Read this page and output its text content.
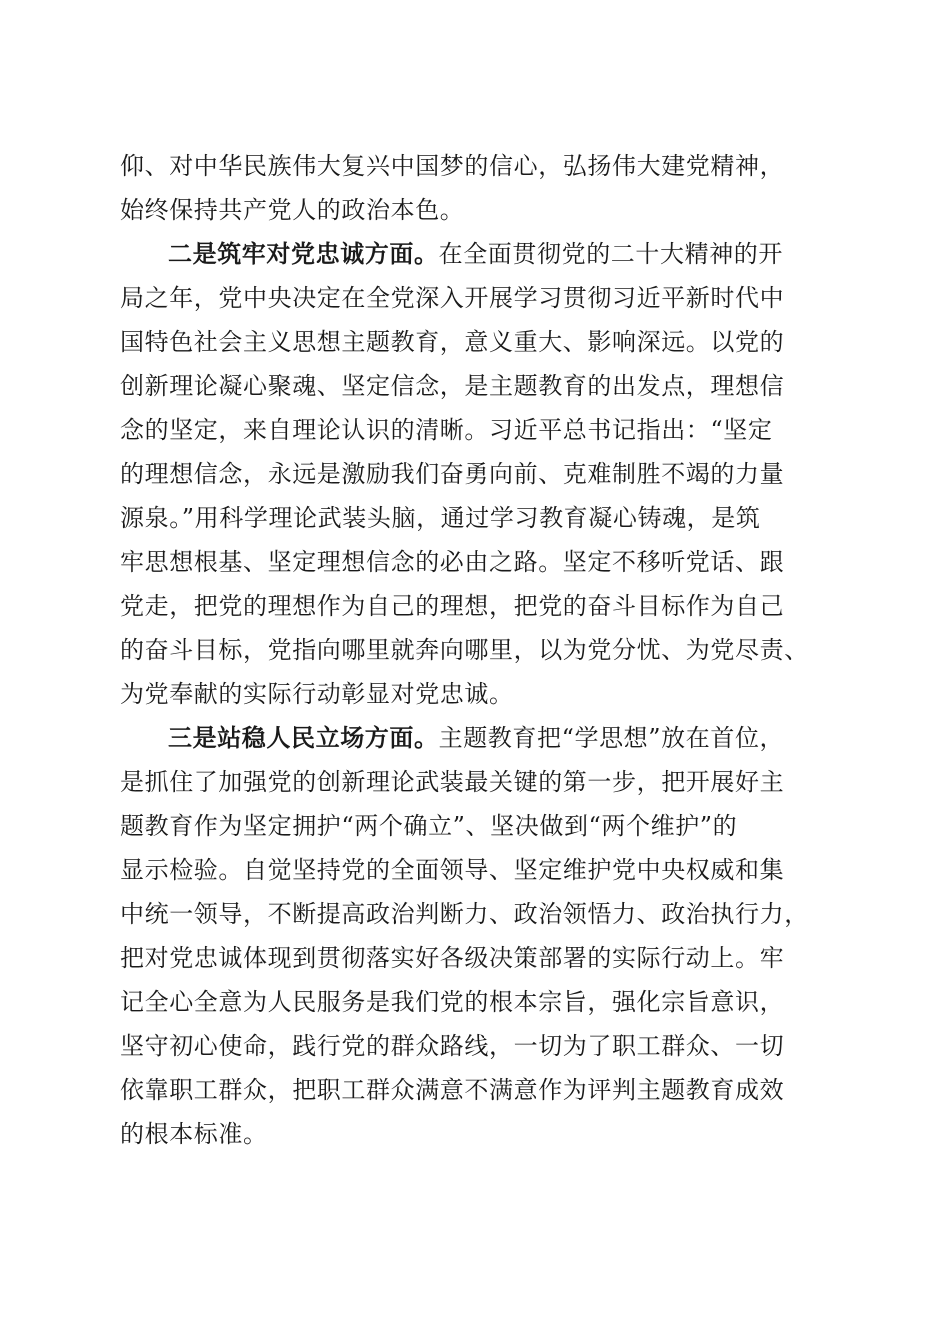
仰、对中华民族伟大复兴中国梦的信心，弘扬伟大建党精神，
始终保持共产党人的政治本色。
二是筑牢对党忠诚方面。在全面贯彻党的二十大精神的开
局之年，党中央决定在全党深入开展学习贯彻习近平新时代中
国特色社会主义思想主题教育，意义重大、影响深远。以党的
创新理论凝心聚魂、坚定信念，是主题教育的出发点，理想信
念的坚定，来自理论认识的清晰。习近平总书记指出：“坚定
的理想信念，永远是激励我们奋勇向前、克难制胜不竭的力量
源泉。”用科学理论武装头脑，通过学习教育凝心铸魂，是筑
牢思想根基、坚定理想信念的必由之路。坚定不移听党话、跟
党走，把党的理想作为自己的理想，把党的奋斗目标作为自己
的奋斗目标，党指向哪里就奔向哪里，以为党分忧、为党尽责、
为党奉献的实际行动彰显对党忠诚。
三是站稳人民立场方面。主题教育把“学思想”放在首位，
是抓住了加强党的创新理论武装最关键的第一步，把开展好主
题教育作为坚定拥护“两个确立”、坚决做到“两个维护”的
显示检验。自觉坚持党的全面领导、坚定维护党中央权威和集
中统一领导，不断提高政治判断力、政治领悟力、政治执行力，
把对党忠诚体现到贯彻落实好各级决策部署的实际行动上。牢
记全心全意为人民服务是我们党的根本宗旨，强化宗旨意识，
坚守初心使命，践行党的群众路线，一切为了职工群众、一切
依靠职工群众，把职工群众满意不满意作为评判主题教育成效
的根本标准。
